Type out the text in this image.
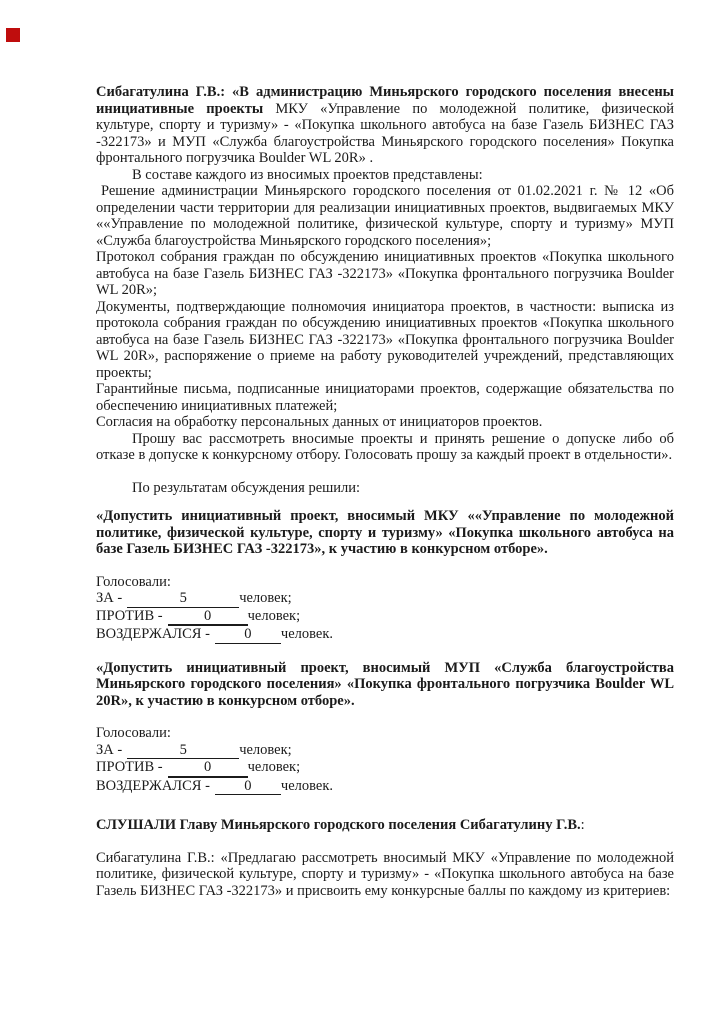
Сибагатулина Г.В.: «В администрацию Миньярского городского поселения внесены инициативные проекты МКУ «Управление по молодежной политике, физической культуре, спорту и туризму» - «Покупка школьного автобуса на базе Газель БИЗНЕС ГАЗ -322173» и МУП «Служба благоустройства Миньярского городского поселения» Покупка фронтального погрузчика Boulder WL 20R» .

В составе каждого из вносимых проектов представлены:

Решение администрации Миньярского городского поселения от 01.02.2021 г. № 12 «Об определении части территории для реализации инициативных проектов, выдвигаемых МКУ ««Управление по молодежной политике, физической культуре, спорту и туризму» МУП «Служба благоустройства Миньярского городского поселения»;

Протокол собрания граждан по обсуждению инициативных проектов «Покупка школьного автобуса на базе Газель БИЗНЕС ГАЗ -322173» «Покупка фронтального погрузчика Boulder WL 20R»;

Документы, подтверждающие полномочия инициатора проектов, в частности: выписка из протокола собрания граждан по обсуждению инициативных проектов «Покупка школьного автобуса на базе Газель БИЗНЕС ГАЗ -322173» «Покупка фронтального погрузчика Boulder WL 20R», распоряжение о приеме на работу руководителей учреждений, представляющих проекты;

Гарантийные письма, подписанные инициаторами проектов, содержащие обязательства по обеспечению инициативных платежей;

Согласия на обработку персональных данных от инициаторов проектов.

Прошу вас рассмотреть вносимые проекты и принять решение о допуске либо об отказе в допуске к конкурсному отбору. Голосовать прошу за каждый проект в отдельности».

По результатам обсуждения решили:

«Допустить инициативный проект, вносимый МКУ ««Управление по молодежной политике, физической культуре, спорту и туризму» «Покупка школьного автобуса на базе Газель БИЗНЕС ГАЗ -322173», к участию в конкурсном отборе».

Голосовали:

ЗА -	5	человек;

ПРОТИВ -	0	человек;

ВОЗДЕРЖАЛСЯ - 0 человек.

«Допустить инициативный проект, вносимый МУП «Служба благоустройства Миньярского городского поселения» «Покупка фронтального погрузчика Boulder WL 20R», к участию в конкурсном отборе».

Голосовали:

ЗА -	5	человек;

ПРОТИВ -	0	человек;

ВОЗДЕРЖАЛСЯ - 0 человек.

СЛУШАЛИ Главу Миньярского городского поселения Сибагатулину Г.В.:

Сибагатулина Г.В.: «Предлагаю рассмотреть вносимый МКУ «Управление по молодежной политике, физической культуре, спорту и туризму» - «Покупка школьного автобуса на базе Газель БИЗНЕС ГАЗ -322173» и присвоить ему конкурсные баллы по каждому из критериев:
